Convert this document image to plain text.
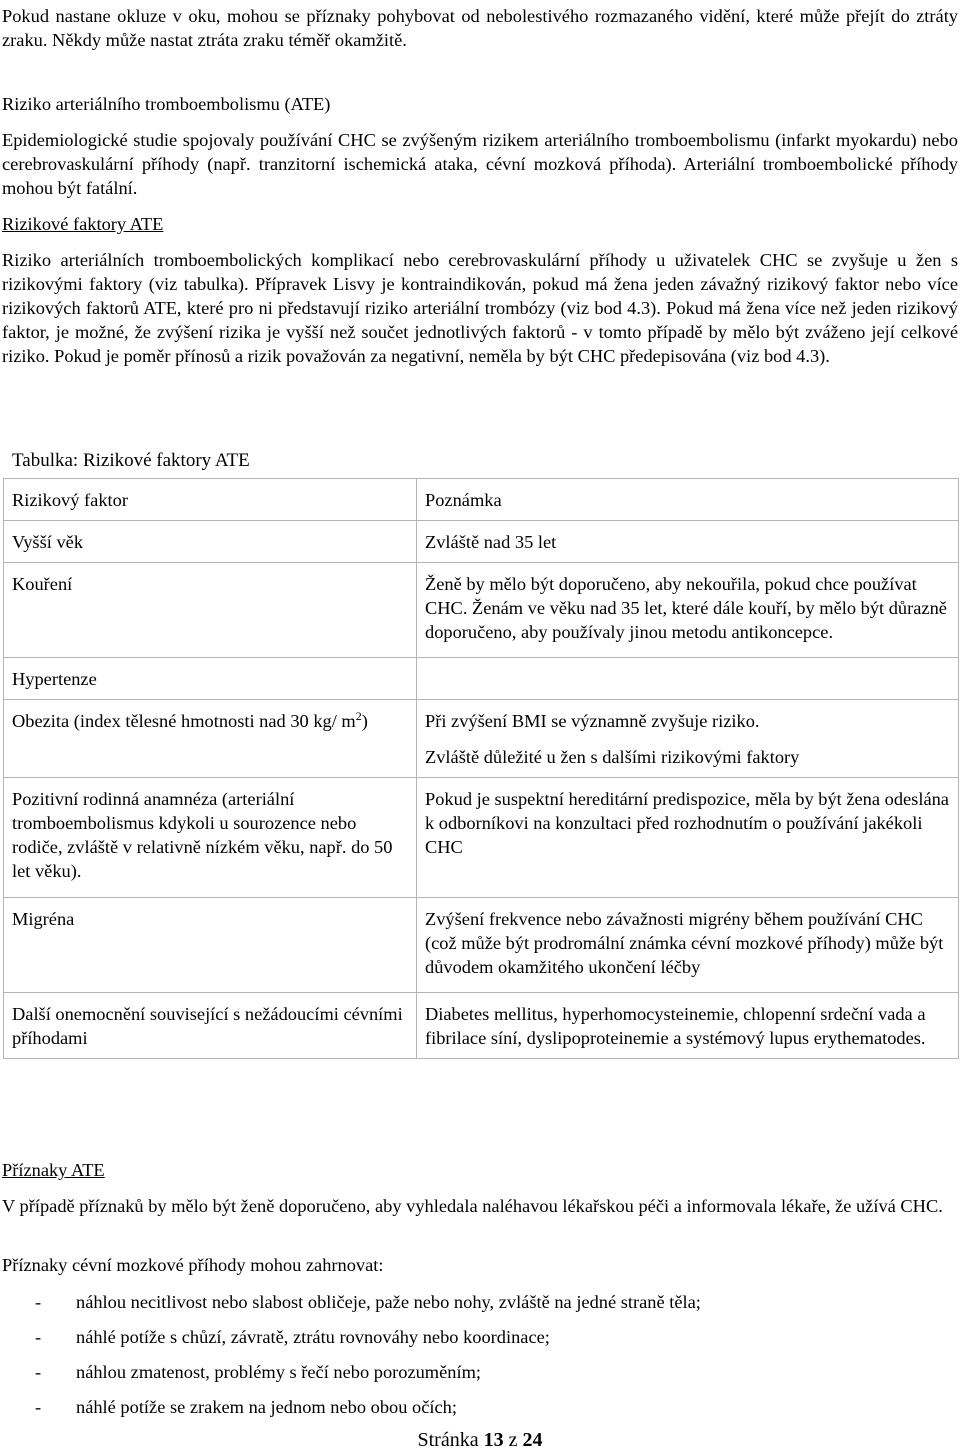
Pokud nastane okluze v oku, mohou se příznaky pohybovat od nebolestivého rozmazaného vidění, které může přejít do ztráty zraku. Někdy může nastat ztráta zraku téměř okamžitě.

Riziko arteriálního tromboembolismu (ATE)

Epidemiologické studie spojovaly používání CHC se zvýšeným rizikem arteriálního tromboembolismu (infarkt myokardu) nebo cerebrovaskulární příhody (např. tranzitorní ischemická ataka, cévní mozková příhoda). Arteriální tromboembolické příhody mohou být fatální.

Rizikové faktory ATE

Riziko arteriálních tromboembolických komplikací nebo cerebrovaskulární příhody u uživatelek CHC se zvyšuje u žen s rizikovými faktory (viz tabulka). Přípravek Lisvy je kontraindikován, pokud má žena jeden závažný rizikový faktor nebo více rizikových faktorů ATE, které pro ni představují riziko arteriální trombózy (viz bod 4.3). Pokud má žena více než jeden rizikový faktor, je možné, že zvýšení rizika je vyšší než součet jednotlivých faktorů - v tomto případě by mělo být zváženo její celkové riziko. Pokud je poměr přínosů a rizik považován za negativní, neměla by být CHC předepisována (viz bod 4.3).

Tabulka: Rizikové faktory ATE
Rizikový faktor	Poznámka
Vyšší věk	Zvláště nad 35 let
Kouření	Ženě by mělo být doporučeno, aby nekouřila, pokud chce používat CHC. Ženám ve věku nad 35 let, které dále kouří, by mělo být důrazně doporučeno, aby používaly jinou metodu antikoncepce.
Hypertenze	
Obezita (index tělesné hmotnosti nad 30 kg/ $m^2$)	Při zvýšení BMI se významně zvyšuje riziko.
Zvláště důležité u žen s dalšími rizikovými faktory

Pozitivní rodinná anamnéza (arteriální tromboembolismus kdykoli u sourozence nebo rodiče, zvláště v relativně nízkém věku, např. do 50 let věku).	Pokud je suspektní hereditární predispozice, měla by být žena odeslána k odborníkovi na konzultaci před rozhodnutím o používání jakékoli CHC
Migréna	Zvýšení frekvence nebo závažnosti migrény během používání CHC (což může být prodromální známka cévní mozkové příhody) může být důvodem okamžitého ukončení léčby
Další onemocnění související s nežádoucími cévními příhodami	Diabetes mellitus, hyperhomocysteinemie, chlopenní srdeční vada a fibrilace síní, dyslipoproteinemie a systémový lupus erythematodes.
Příznaky ATE

V případě příznaků by mělo být ženě doporučeno, aby vyhledala naléhavou lékařskou péči a informovala lékaře, že užívá CHC.

Příznaky cévní mozkové příhody mohou zahrnovat:
- náhlou necitlivost nebo slabost obličeje, paže nebo nohy, zvláště na jedné straně těla;
- náhlé potíže s chůzí, závratě, ztrátu rovnováhy nebo koordinace;
- náhlou zmatenost, problémy s řečí nebo porozuměním;
- náhlé potíže se zrakem na jednom nebo obou očích;
Stránka 13 z 24
